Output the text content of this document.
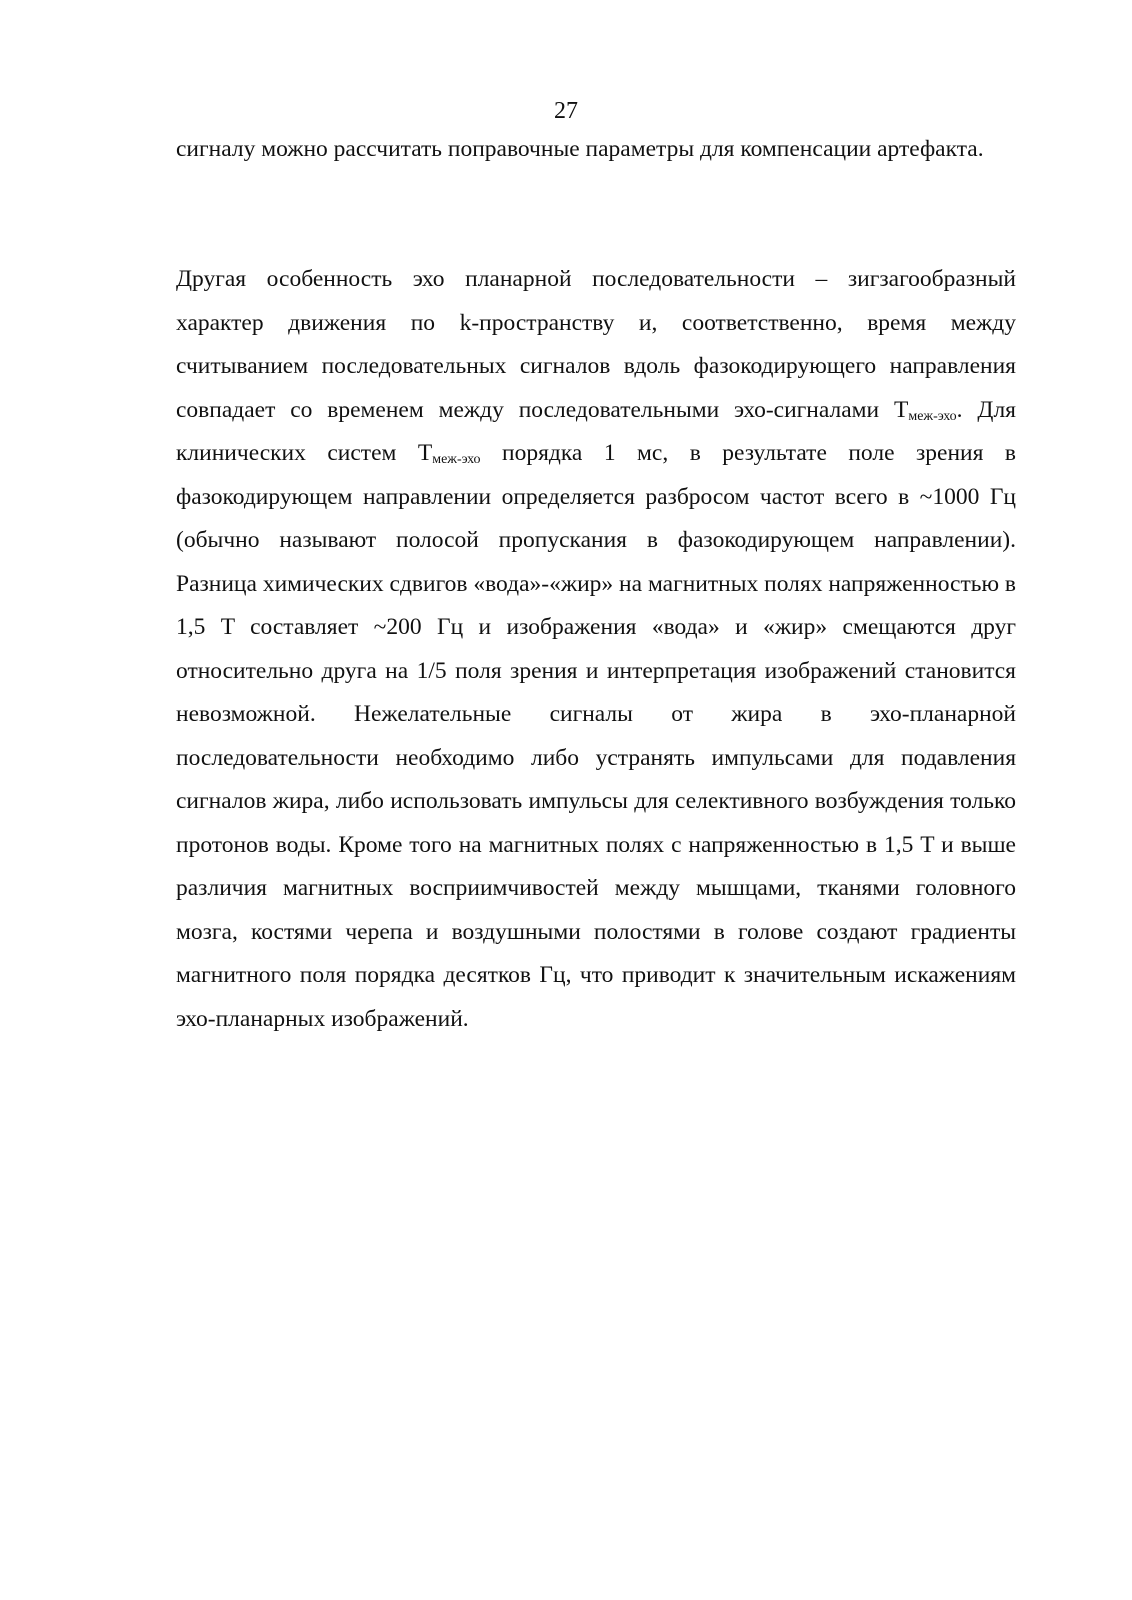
27
сигналу можно рассчитать поправочные параметры для компенсации артефакта.
Другая особенность эхо планарной последовательности – зигзагообразный характер движения по k-пространству и, соответственно, время между считыванием последовательных сигналов вдоль фазокодирующего направления совпадает со временем между последовательными эхо-сигналами $T_{меж-эхо}$. Для клинических систем $T_{меж-эхо}$ порядка 1 мс, в результате поле зрения в фазокодирующем направлении определяется разбросом частот всего в ~1000 Гц (обычно называют полосой пропускания в фазокодирующем направлении). Разница химических сдвигов «вода»-«жир» на магнитных полях напряженностью в 1,5 T составляет ~200 Гц и изображения «вода» и «жир» смещаются друг относительно друга на 1/5 поля зрения и интерпретация изображений становится невозможной. Нежелательные сигналы от жира в эхо-планарной последовательности необходимо либо устранять импульсами для подавления сигналов жира, либо использовать импульсы для селективного возбуждения только протонов воды. Кроме того на магнитных полях с напряженностью в 1,5 T и выше различия магнитных восприимчивостей между мышцами, тканями головного мозга, костями черепа и воздушными полостями в голове создают градиенты магнитного поля порядка десятков Гц, что приводит к значительным искажениям эхо-планарных изображений.
